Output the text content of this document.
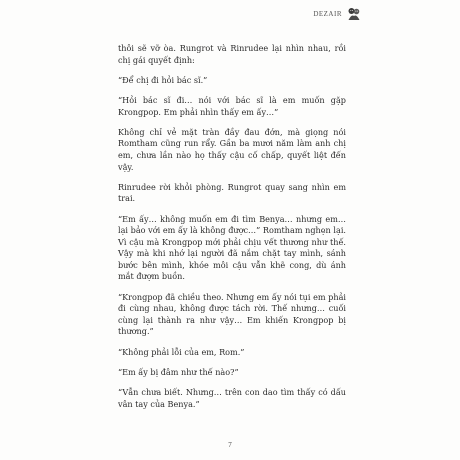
DEZAIR

thôi sẽ vỡ òa. Rungrot và Rinrudee lại nhìn nhau, rồi chị gái quyết định:

“Để chị đi hỏi bác sĩ.”

“Hỏi bác sĩ đi… nói với bác sĩ là em muốn gặp Krongpop. Em phải nhìn thấy em ấy…”

Không chỉ vẻ mặt tràn đầy đau đớn, mà giọng nói Romtham cũng run rẩy. Gần ba mươi năm làm anh chị em, chưa lần nào họ thấy cậu cố chấp, quyết liệt đến vậy.

Rinrudee rời khỏi phòng. Rungrot quay sang nhìn em trai.

“Em ấy… không muốn em đi tìm Benya… nhưng em… lại bảo với em ấy là không được…” Romtham nghẹn lại. Vì cậu mà Krongpop mới phải chịu vết thương như thế. Vậy mà khi nhớ lại người đã nắm chặt tay mình, sánh bước bên mình, khóe môi cậu vẫn khẽ cong, dù ánh mắt đượm buồn.

“Krongpop đã chiều theo. Nhưng em ấy nói tụi em phải đi cùng nhau, không được tách rời. Thế nhưng… cuối cùng lại thành ra như vậy… Em khiến Krongpop bị thương.”

“Không phải lỗi của em, Rom.”

“Em ấy bị đâm như thế nào?”

“Vẫn chưa biết. Nhưng… trên con dao tìm thấy có dấu vân tay của Benya.”

7
